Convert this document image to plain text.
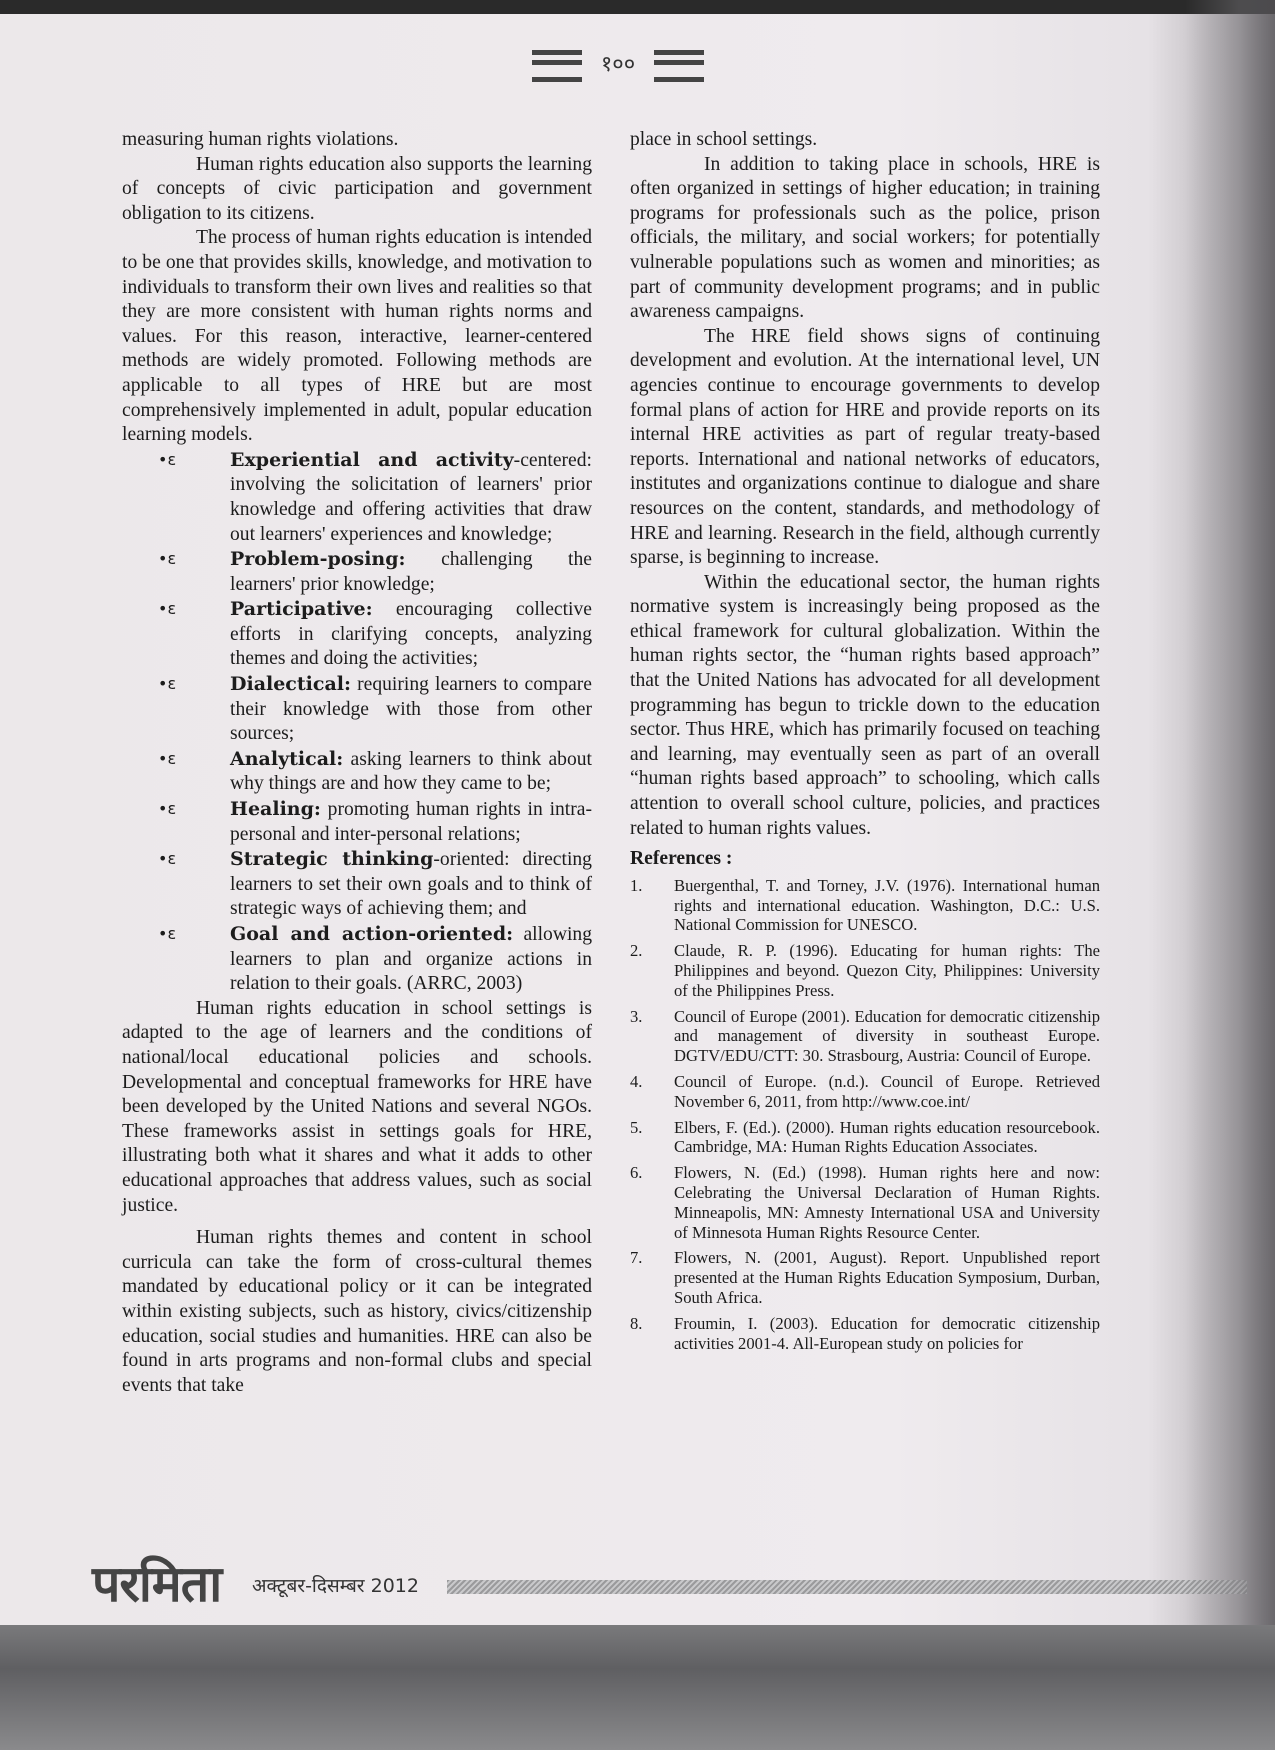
१००

measuring human rights violations.

Human rights education also supports the learning of concepts of civic participation and government obligation to its citizens.

The process of human rights education is intended to be one that provides skills, knowledge, and motivation to individuals to transform their own lives and realities so that they are more consistent with human rights norms and values. For this reason, interactive, learner-centered methods are widely promoted. Following methods are applicable to all types of HRE but are most comprehensively implemented in adult, popular education learning models.

•ɛ	Experiential and activity-centered: involving the solicitation of learners' prior knowledge and offering activities that draw out learners' experiences and knowledge;
•ɛ	Problem-posing: challenging the learners' prior knowledge;
•ɛ	Participative: encouraging collective efforts in clarifying concepts, analyzing themes and doing the activities;
•ɛ	Dialectical: requiring learners to compare their knowledge with those from other sources;
•ɛ	Analytical: asking learners to think about why things are and how they came to be;
•ɛ	Healing: promoting human rights in intra-personal and inter-personal relations;
•ɛ	Strategic thinking-oriented: directing learners to set their own goals and to think of strategic ways of achieving them; and
•ɛ	Goal and action-oriented: allowing learners to plan and organize actions in relation to their goals. (ARRC, 2003)

Human rights education in school settings is adapted to the age of learners and the conditions of national/local educational policies and schools. Developmental and conceptual frameworks for HRE have been developed by the United Nations and several NGOs. These frameworks assist in settings goals for HRE, illustrating both what it shares and what it adds to other educational approaches that address values, such as social justice.

Human rights themes and content in school curricula can take the form of cross-cultural themes mandated by educational policy or it can be integrated within existing subjects, such as history, civics/citizenship education, social studies and humanities. HRE can also be found in arts programs and non-formal clubs and special events that take

place in school settings.

In addition to taking place in schools, HRE is often organized in settings of higher education; in training programs for professionals such as the police, prison officials, the military, and social workers; for potentially vulnerable populations such as women and minorities; as part of community development programs; and in public awareness campaigns.

The HRE field shows signs of continuing development and evolution. At the international level, UN agencies continue to encourage governments to develop formal plans of action for HRE and provide reports on its internal HRE activities as part of regular treaty-based reports. International and national networks of educators, institutes and organizations continue to dialogue and share resources on the content, standards, and methodology of HRE and learning. Research in the field, although currently sparse, is beginning to increase.

Within the educational sector, the human rights normative system is increasingly being proposed as the ethical framework for cultural globalization. Within the human rights sector, the “human rights based approach” that the United Nations has advocated for all development programming has begun to trickle down to the education sector. Thus HRE, which has primarily focused on teaching and learning, may eventually seen as part of an overall “human rights based approach” to schooling, which calls attention to overall school culture, policies, and practices related to human rights values.

References :
1. Buergenthal, T. and Torney, J.V. (1976). International human rights and international education. Washington, D.C.: U.S. National Commission for UNESCO.
2. Claude, R. P. (1996). Educating for human rights: The Philippines and beyond. Quezon City, Philippines: University of the Philippines Press.
3. Council of Europe (2001). Education for democratic citizenship and management of diversity in southeast Europe. DGTV/EDU/CTT: 30. Strasbourg, Austria: Council of Europe.
4. Council of Europe. (n.d.). Council of Europe. Retrieved November 6, 2011, from http://www.coe.int/
5. Elbers, F. (Ed.). (2000). Human rights education resourcebook. Cambridge, MA: Human Rights Education Associates.
6. Flowers, N. (Ed.) (1998). Human rights here and now: Celebrating the Universal Declaration of Human Rights. Minneapolis, MN: Amnesty International USA and University of Minnesota Human Rights Resource Center.
7. Flowers, N. (2001, August). Report. Unpublished report presented at the Human Rights Education Symposium, Durban, South Africa.
8. Froumin, I. (2003). Education for democratic citizenship activities 2001-4. All-European study on policies for
परमिता अक्टूबर-दिसम्बर 2012
